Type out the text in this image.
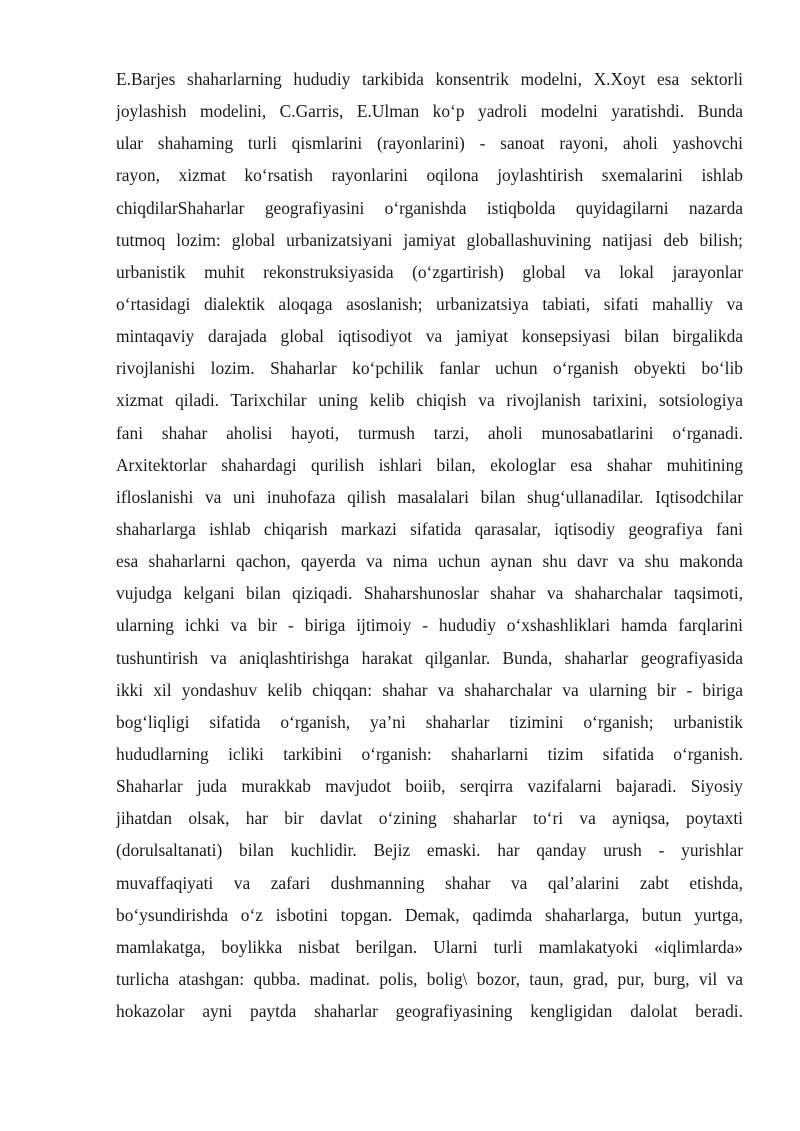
E.Barjes shaharlarning hududiy tarkibida konsentrik modelni, X.Xoyt esa sektorli
joylashish modelini, C.Garris, E.Ulman ko‘p yadroli modelni yaratishdi. Bunda
ular shahaming turli qismlarini (rayonlarini) - sanoat rayoni, aholi yashovchi
rayon, xizmat ko‘rsatish rayonlarini oqilona joylashtirish sxemalarini ishlab
chiqdilarShaharlar geografiyasini o‘rganishda istiqbolda quyidagilarni nazarda
tutmoq lozim: global urbanizatsiyani jamiyat globallashuvining natijasi deb bilish;
urbanistik muhit rekonstruksiyasida (o‘zgartirish) global va lokal jarayonlar
o‘rtasidagi dialektik aloqaga asoslanish; urbanizatsiya tabiati, sifati mahalliy va
mintaqaviy darajada global iqtisodiyot va jamiyat konsepsiyasi bilan birgalikda
rivojlanishi lozim. Shaharlar ko‘pchilik fanlar uchun o‘rganish obyekti bo‘lib
xizmat qiladi. Tarixchilar uning kelib chiqish va rivojlanish tarixini, sotsiologiya
fani shahar aholisi hayoti, turmush tarzi, aholi munosabatlarini o‘rganadi.
Arxitektorlar shahardagi qurilish ishlari bilan, ekologlar esa shahar muhitining
ifloslanishi va uni inuhofaza qilish masalalari bilan shug‘ullanadilar. Iqtisodchilar
shaharlarga ishlab chiqarish markazi sifatida qarasalar, iqtisodiy geografiya fani
esa shaharlarni qachon, qayerda va nima uchun aynan shu davr va shu makonda
vujudga kelgani bilan qiziqadi. Shaharshunoslar shahar va shaharchalar taqsimoti,
ularning ichki va bir - biriga ijtimoiy - hududiy o‘xshashliklari hamda farqlarini
tushuntirish va aniqlashtirishga harakat qilganlar. Bunda, shaharlar geografiyasida
ikki xil yondashuv kelib chiqqan: shahar va shaharchalar va ularning bir - biriga
bog‘liqligi sifatida o‘rganish, ya’ni shaharlar tizimini o‘rganish; urbanistik
hududlarning icliki tarkibini o‘rganish: shaharlarni tizim sifatida o‘rganish.
Shaharlar juda murakkab mavjudot boiib, serqirra vazifalarni bajaradi. Siyosiy
jihatdan olsak, har bir davlat o‘zining shaharlar to‘ri va ayniqsa, poytaxti
(dorulsaltanati) bilan kuchlidir. Bejiz emaski. har qanday urush - yurishlar
muvaffaqiyati va zafari dushmanning shahar va qal’alarini zabt etishda,
bo‘ysundirishda o‘z isbotini topgan. Demak, qadimda shaharlarga, butun yurtga,
mamlakatga, boylikka nisbat berilgan. Ularni turli mamlakatyoki «iqlimlarda»
turlicha atashgan: qubba. madinat. polis, bolig\ bozor, taun, grad, pur, burg, vil va
hokazolar ayni paytda shaharlar geografiyasining kengligidan dalolat beradi.
